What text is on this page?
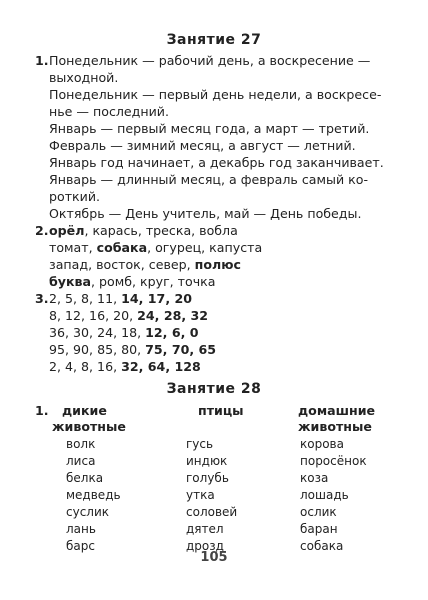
Занятие 27
1. Понедельник — рабочий день, а воскресение —
выходной.
Понедельник — первый день недели, а воскресе-
нье — последний.
Январь — первый месяц года, а март — третий.
Февраль — зимний месяц, а август — летний.
Январь год начинает, а декабрь год заканчивает.
Январь — длинный месяц, а февраль самый ко-
роткий.
Октябрь — День учитель, май — День победы.
2. орёл, карась, треска, вобла
томат, собака, огурец, капуста
запад, восток, север, полюс
буква, ромб, круг, точка
3. 2, 5, 8, 11, 14, 17, 20
8, 12, 16, 20, 24, 28, 32
36, 30, 24, 18, 12, 6, 0
95, 90, 85, 80, 75, 70, 65
2, 4, 8, 16, 32, 64, 128
Занятие 28
1. дикие
животные
птицы	домашние
животные
волк
лиса
белка
медведь
суслик
лань
барс
гусь
индюк
голубь
утка
соловей
дятел
дрозд
корова
поросёнок
коза
лошадь
ослик
баран
собака
105
